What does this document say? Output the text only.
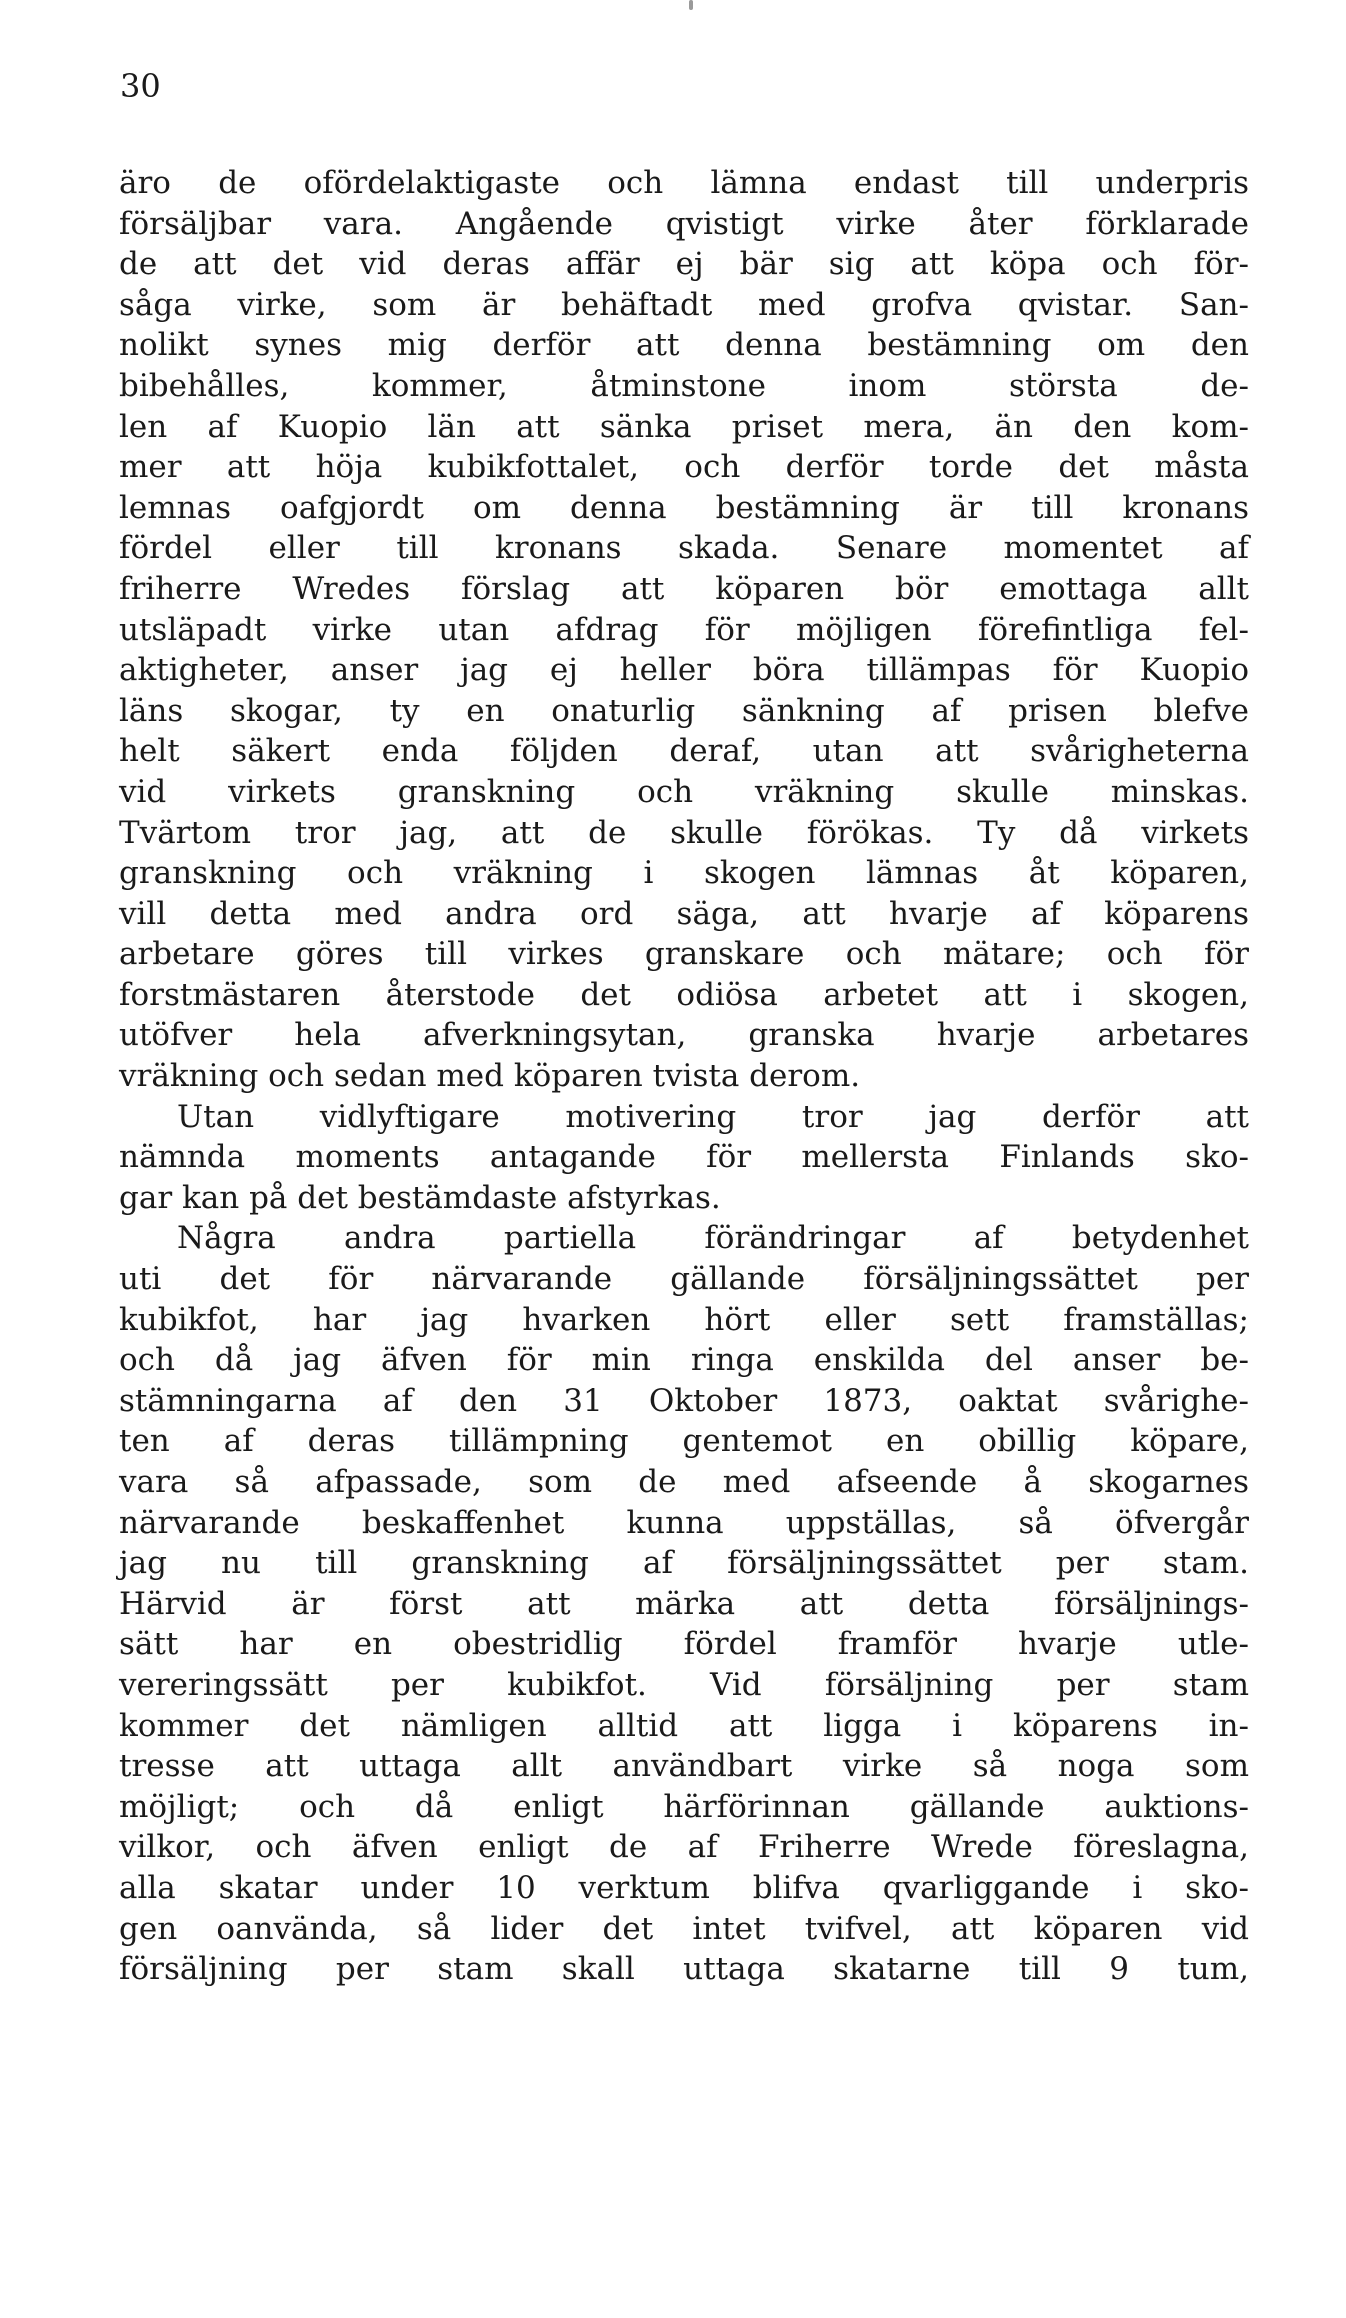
30
äro de ofördelaktigaste och lämna endast till underpris
försäljbar vara. Angående qvistigt virke åter förklarade
de att det vid deras affär ej bär sig att köpa och för-
såga virke, som är behäftadt med grofva qvistar. San-
nolikt synes mig derför att denna bestämning om den
bibehålles, kommer, åtminstone inom största de-
len af Kuopio län att sänka priset mera, än den kom-
mer att höja kubikfottalet, och derför torde det måsta
lemnas oafgjordt om denna bestämning är till kronans
fördel eller till kronans skada. Senare momentet af
friherre Wredes förslag att köparen bör emottaga allt
utsläpadt virke utan afdrag för möjligen förefintliga fel-
aktigheter, anser jag ej heller böra tillämpas för Kuopio
läns skogar, ty en onaturlig sänkning af prisen blefve
helt säkert enda följden deraf, utan att svårigheterna
vid virkets granskning och vräkning skulle minskas.
Tvärtom tror jag, att de skulle förökas. Ty då virkets
granskning och vräkning i skogen lämnas åt köparen,
vill detta med andra ord säga, att hvarje af köparens
arbetare göres till virkes granskare och mätare; och för
forstmästaren återstode det odiösa arbetet att i skogen,
utöfver hela afverkningsytan, granska hvarje arbetares
vräkning och sedan med köparen tvista derom.
Utan vidlyftigare motivering tror jag derför att
nämnda moments antagande för mellersta Finlands sko-
gar kan på det bestämdaste afstyrkas.
Några andra partiella förändringar af betydenhet
uti det för närvarande gällande försäljningssättet per
kubikfot, har jag hvarken hört eller sett framställas;
och då jag äfven för min ringa enskilda del anser be-
stämningarna af den 31 Oktober 1873, oaktat svårighe-
ten af deras tillämpning gentemot en obillig köpare,
vara så afpassade, som de med afseende å skogarnes
närvarande beskaffenhet kunna uppställas, så öfvergår
jag nu till granskning af försäljningssättet per stam.
Härvid är först att märka att detta försäljnings-
sätt har en obestridlig fördel framför hvarje utle-
vereringssätt per kubikfot. Vid försäljning per stam
kommer det nämligen alltid att ligga i köparens in-
tresse att uttaga allt användbart virke så noga som
möjligt; och då enligt härförinnan gällande auktions-
vilkor, och äfven enligt de af Friherre Wrede föreslagna,
alla skatar under 10 verktum blifva qvarliggande i sko-
gen oanvända, så lider det intet tvifvel, att köparen vid
försäljning per stam skall uttaga skatarne till 9 tum,
